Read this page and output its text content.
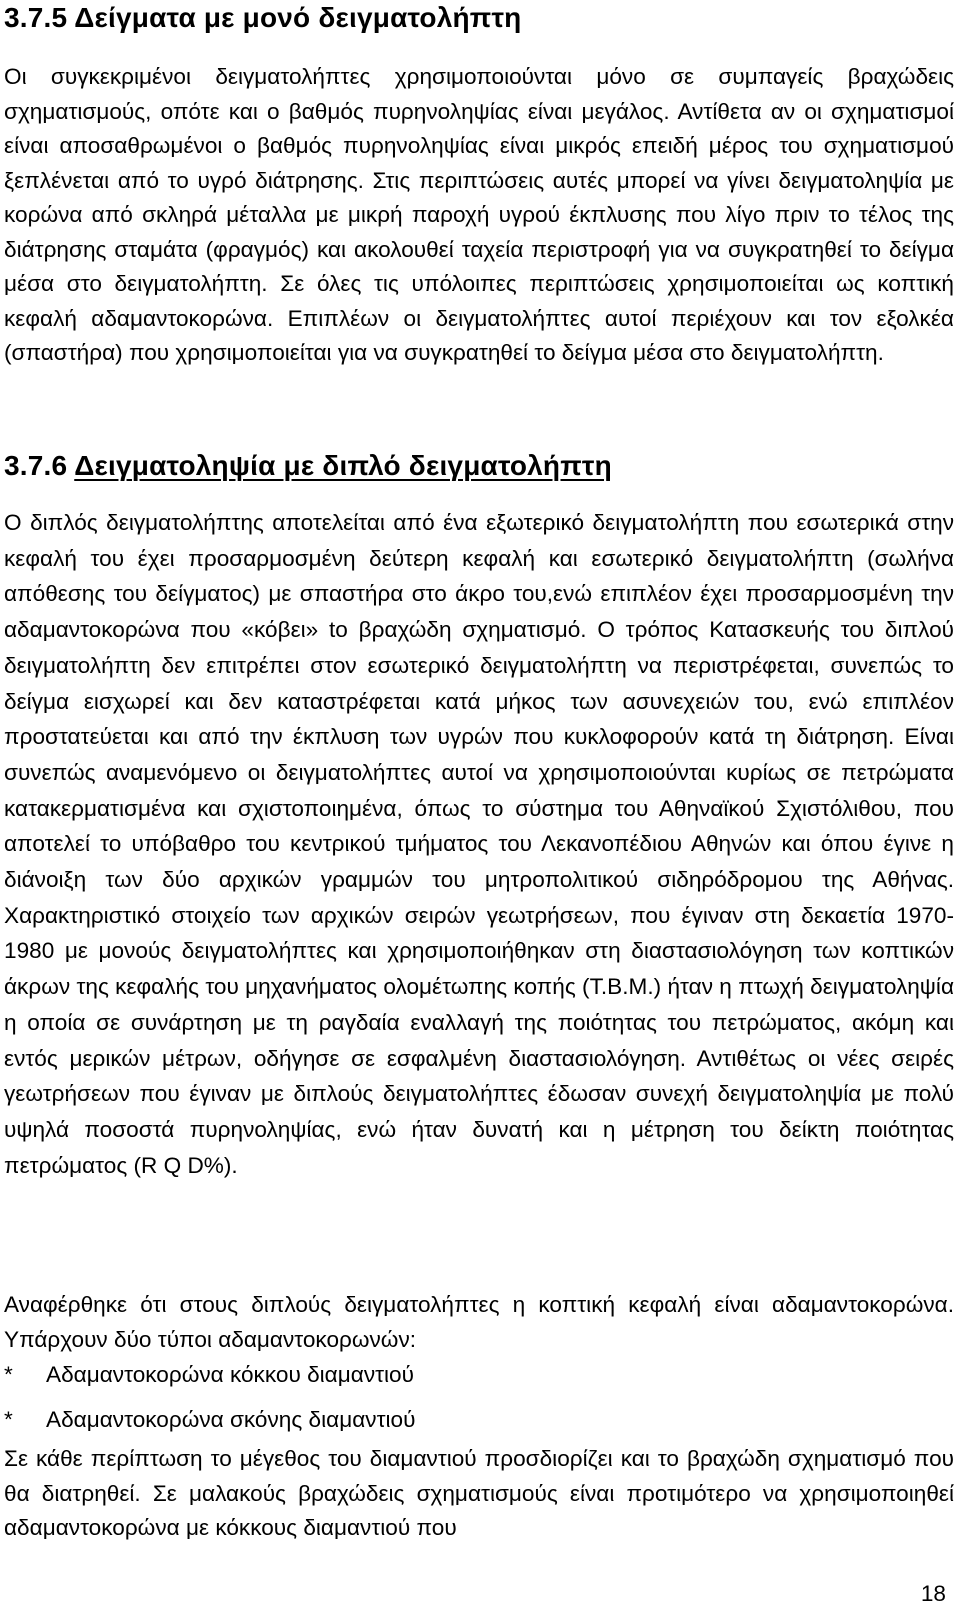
3.7.5 Δείγματα με μονό δειγματολήπτη

Οι συγκεκριμένοι δειγματολήπτες χρησιμοποιούνται μόνο σε συμπαγείς βραχώδεις σχηματισμούς, οπότε και ο βαθμός πυρηνοληψίας είναι μεγάλος. Αντίθετα αν οι σχηματισμοί είναι αποσαθρωμένοι ο βαθμός πυρηνοληψίας είναι μικρός επειδή μέρος του σχηματισμού ξεπλένεται από το υγρό διάτρησης. Στις περιπτώσεις αυτές μπορεί να γίνει δειγματοληψία με κορώνα από σκληρά μέταλλα με μικρή παροχή υγρού έκπλυσης που λίγο πριν το τέλος της διάτρησης σταμάτα (φραγμός) και ακολουθεί ταχεία περιστροφή για να συγκρατηθεί το δείγμα μέσα στο δειγματολήπτη. Σε όλες τις υπόλοιπες περιπτώσεις χρησιμοποιείται ως κοπτική κεφαλή αδαμαντοκορώνα. Επιπλέων οι δειγματολήπτες αυτοί περιέχουν και τον εξολκέα (σπαστήρα) που χρησιμοποιείται για να συγκρατηθεί το δείγμα μέσα στο δειγματολήπτη.

3.7.6 Δειγματοληψία με διπλό δειγματολήπτη

Ο διπλός δειγματολήπτης αποτελείται από ένα εξωτερικό δειγματολήπτη που εσωτερικά στην κεφαλή του έχει προσαρμοσμένη δεύτερη κεφαλή και εσωτερικό δειγματολήπτη (σωλήνα απόθεσης του δείγματος) με σπαστήρα στο άκρο του,ενώ επιπλέον έχει προσαρμοσμένη την αδαμαντοκορώνα που «κόβει» to βραχώδη σχηματισμό. Ο τρόπος Κατασκευής του διπλού δειγματολήπτη δεν επιτρέπει στον εσωτερικό δειγματολήπτη να περιστρέφεται, συνεπώς το δείγμα εισχωρεί και δεν καταστρέφεται κατά μήκος των ασυνεχειών του, ενώ επιπλέον προστατεύεται και από την έκπλυση των υγρών που κυκλοφορούν κατά τη διάτρηση. Είναι συνεπώς αναμενόμενο οι δειγματολήπτες αυτοί να χρησιμοποιούνται κυρίως σε πετρώματα κατακερματισμένα και σχιστοποιημένα, όπως το σύστημα του Αθηναϊκού Σχιστόλιθου, που αποτελεί το υπόβαθρο του κεντρικού τμήματος του Λεκανοπέδιου Αθηνών και όπου έγινε η διάνοιξη των δύο αρχικών γραμμών του μητροπολιτικού σιδηρόδρομου της Αθήνας. Χαρακτηριστικό στοιχείο των αρχικών σειρών γεωτρήσεων, που έγιναν στη δεκαετία 1970-1980 με μονούς δειγματολήπτες και χρησιμοποιήθηκαν στη διαστασιολόγηση των κοπτικών άκρων της κεφαλής του μηχανήματος ολομέτωπης κοπής (Τ.Β.Μ.) ήταν η πτωχή δειγματοληψία η οποία σε συνάρτηση με τη ραγδαία εναλλαγή της ποιότητας του πετρώματος, ακόμη και εντός μερικών μέτρων, οδήγησε σε εσφαλμένη διαστασιολόγηση. Αντιθέτως οι νέες σειρές γεωτρήσεων που έγιναν με διπλούς δειγματολήπτες έδωσαν συνεχή δειγματοληψία με πολύ υψηλά ποσοστά πυρηνοληψίας, ενώ ήταν δυνατή και η μέτρηση του δείκτη ποιότητας πετρώματος (R Q D%).

Αναφέρθηκε ότι στους διπλούς δειγματολήπτες η κοπτική κεφαλή είναι αδαμαντοκορώνα. Υπάρχουν δύο τύποι αδαμαντοκορωνών:

* Αδαμαντοκορώνα κόκκου διαμαντιού
* Αδαμαντοκορώνα σκόνης διαμαντιού

Σε κάθε περίπτωση το μέγεθος του διαμαντιού προσδιορίζει και το βραχώδη σχηματισμό που θα διατρηθεί. Σε μαλακούς βραχώδεις σχηματισμούς είναι προτιμότερο να χρησιμοποιηθεί αδαμαντοκορώνα με κόκκους διαμαντιού που

18
